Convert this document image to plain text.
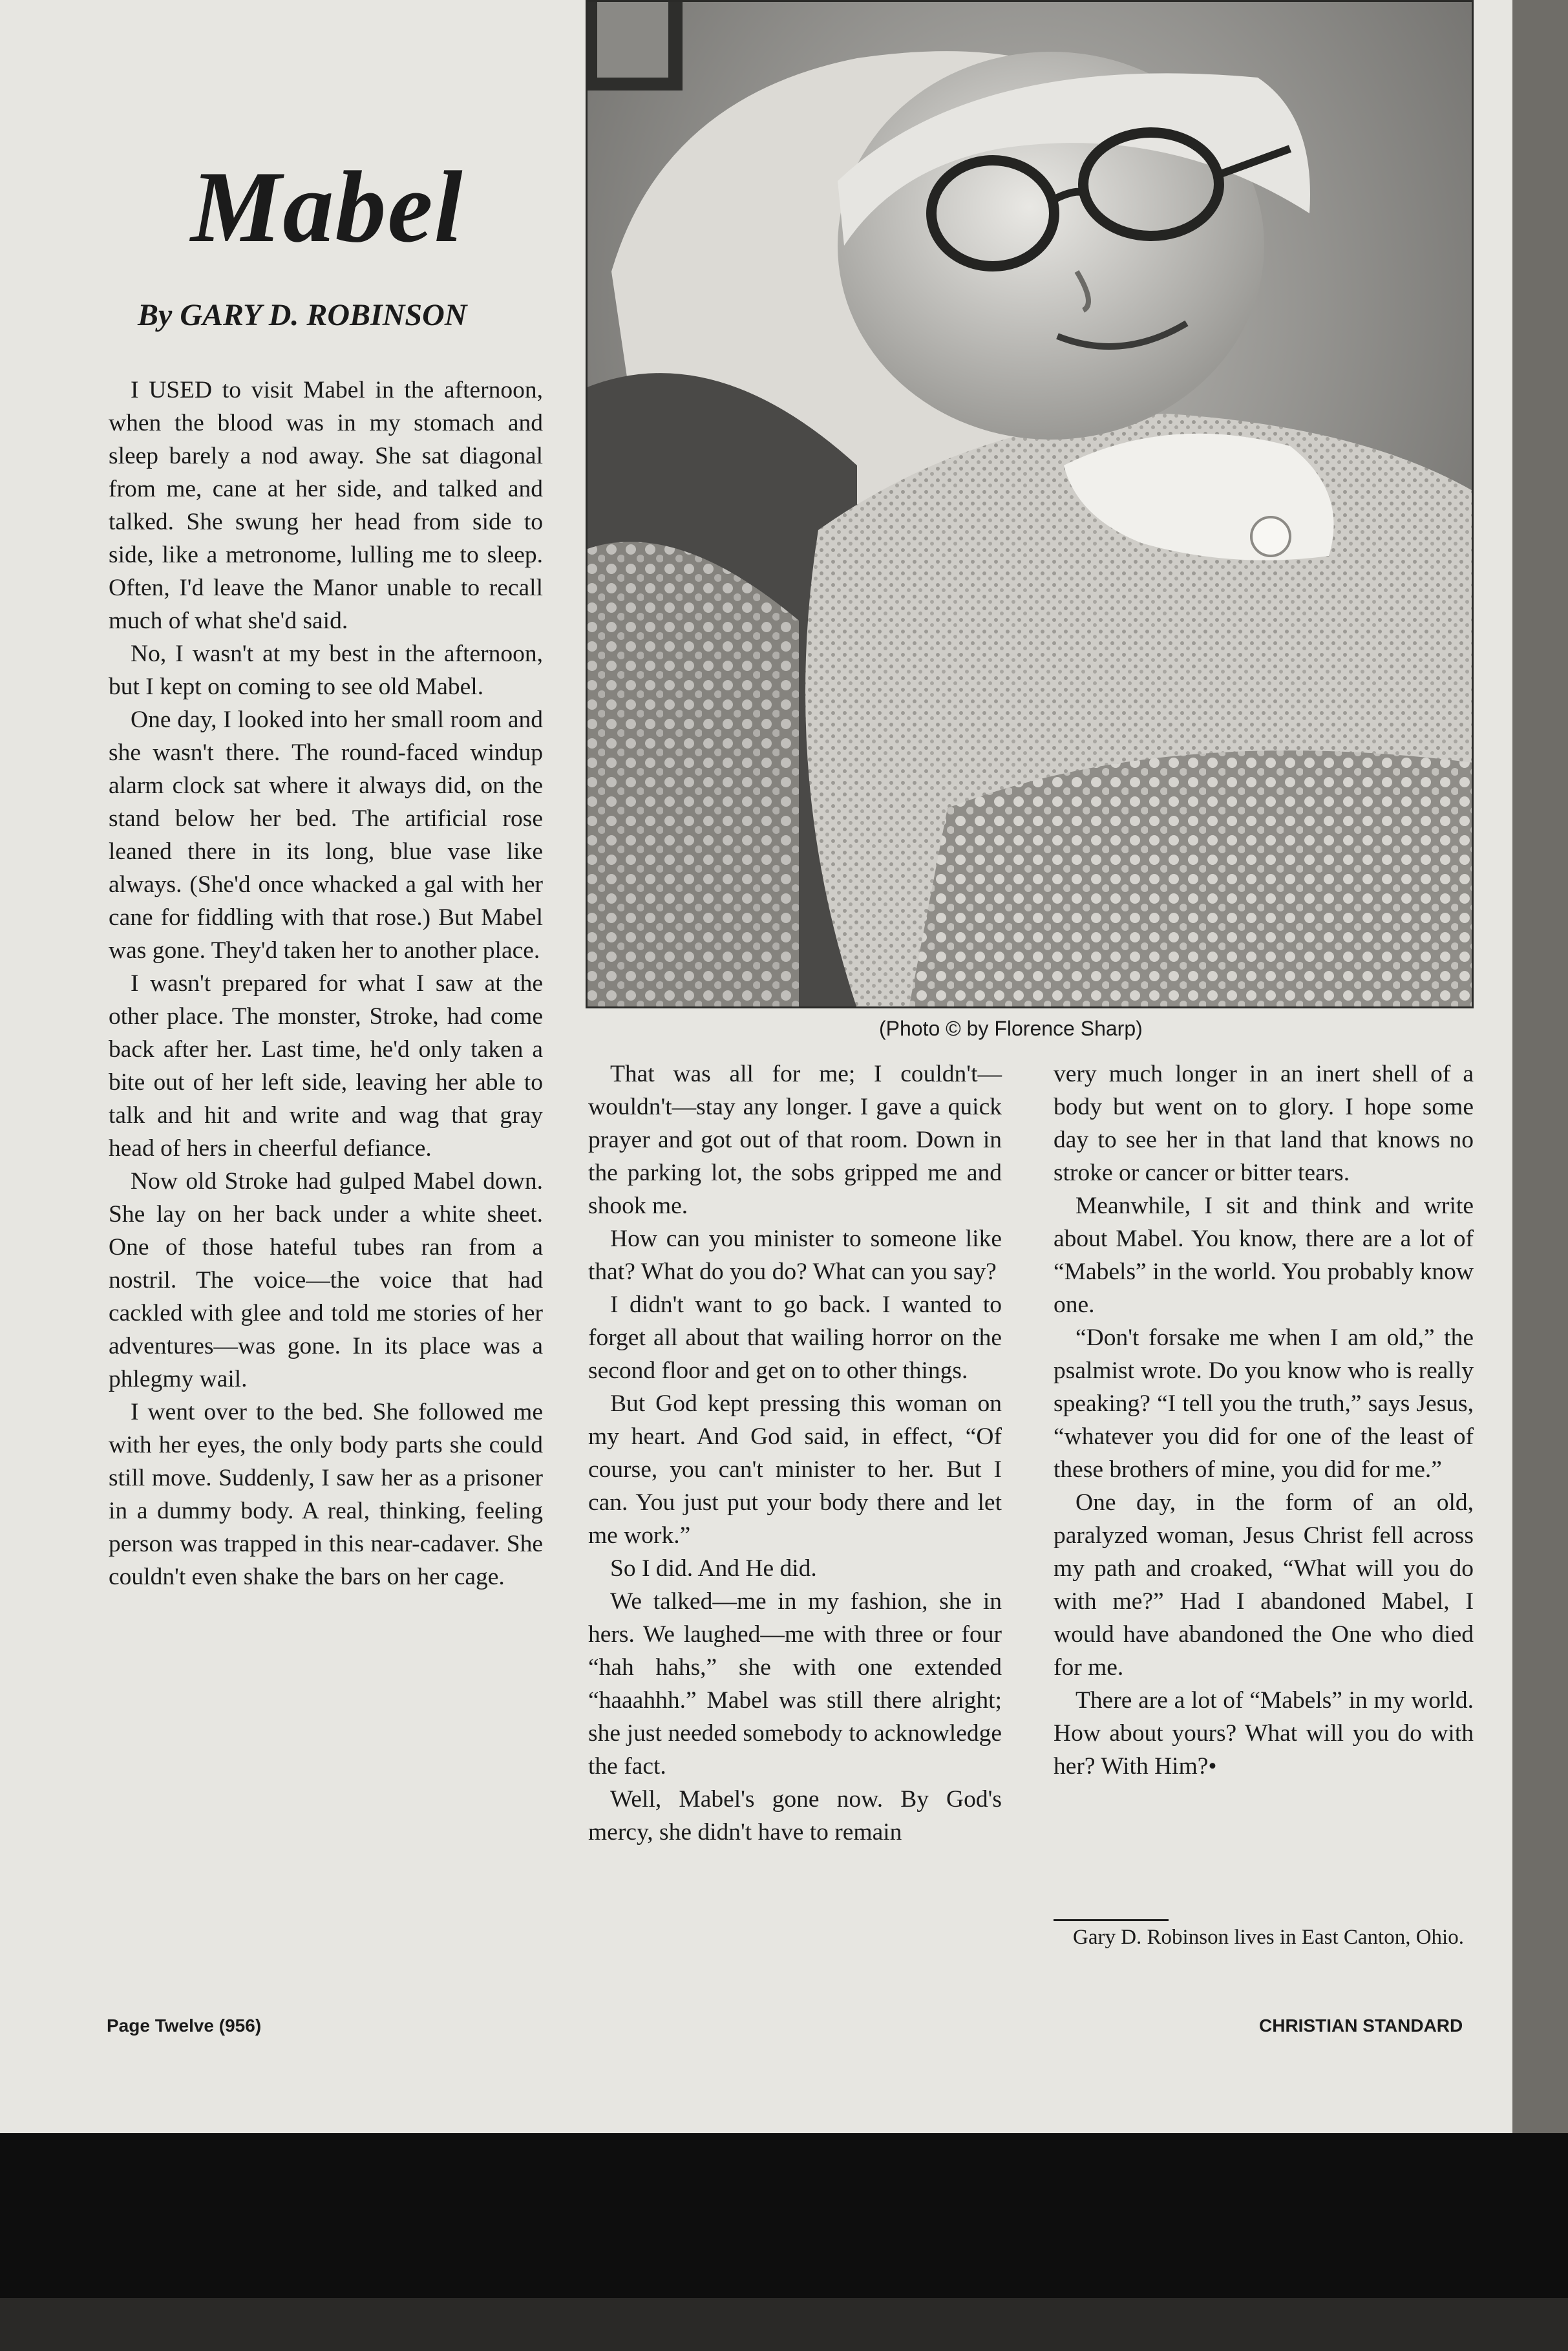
Mabel

By GARY D. ROBINSON

I USED to visit Mabel in the afternoon, when the blood was in my stomach and sleep barely a nod away. She sat diagonal from me, cane at her side, and talked and talked. She swung her head from side to side, like a metronome, lulling me to sleep. Often, I'd leave the Manor unable to recall much of what she'd said.

No, I wasn't at my best in the afternoon, but I kept on coming to see old Mabel.

One day, I looked into her small room and she wasn't there. The round-faced windup alarm clock sat where it always did, on the stand below her bed. The artificial rose leaned there in its long, blue vase like always. (She'd once whacked a gal with her cane for fiddling with that rose.) But Mabel was gone. They'd taken her to another place.

I wasn't prepared for what I saw at the other place. The monster, Stroke, had come back after her. Last time, he'd only taken a bite out of her left side, leaving her able to talk and hit and write and wag that gray head of hers in cheerful defiance.

Now old Stroke had gulped Mabel down. She lay on her back under a white sheet. One of those hateful tubes ran from a nostril. The voice—the voice that had cackled with glee and told me stories of her adventures—was gone. In its place was a phlegmy wail.

I went over to the bed. She followed me with her eyes, the only body parts she could still move. Suddenly, I saw her as a prisoner in a dummy body. A real, thinking, feeling person was trapped in this near-cadaver. She couldn't even shake the bars on her cage.

(Photo © by Florence Sharp)

That was all for me; I couldn't—wouldn't—stay any longer. I gave a quick prayer and got out of that room. Down in the parking lot, the sobs gripped me and shook me.

How can you minister to someone like that? What do you do? What can you say?

I didn't want to go back. I wanted to forget all about that wailing horror on the second floor and get on to other things.

But God kept pressing this woman on my heart. And God said, in effect, “Of course, you can't minister to her. But I can. You just put your body there and let me work.”

So I did. And He did.

We talked—me in my fashion, she in hers. We laughed—me with three or four “hah hahs,” she with one extended “haaahhh.” Mabel was still there alright; she just needed somebody to acknowledge the fact.

Well, Mabel's gone now. By God's mercy, she didn't have to remain

very much longer in an inert shell of a body but went on to glory. I hope some day to see her in that land that knows no stroke or cancer or bitter tears.

Meanwhile, I sit and think and write about Mabel. You know, there are a lot of “Mabels” in the world. You probably know one.

“Don't forsake me when I am old,” the psalmist wrote. Do you know who is really speaking? “I tell you the truth,” says Jesus, “whatever you did for one of the least of these brothers of mine, you did for me.”

One day, in the form of an old, paralyzed woman, Jesus Christ fell across my path and croaked, “What will you do with me?” Had I abandoned Mabel, I would have abandoned the One who died for me.

There are a lot of “Mabels” in my world. How about yours? What will you do with her? With Him?•

Gary D. Robinson lives in East Canton, Ohio.

Page Twelve (956)	CHRISTIAN STANDARD
